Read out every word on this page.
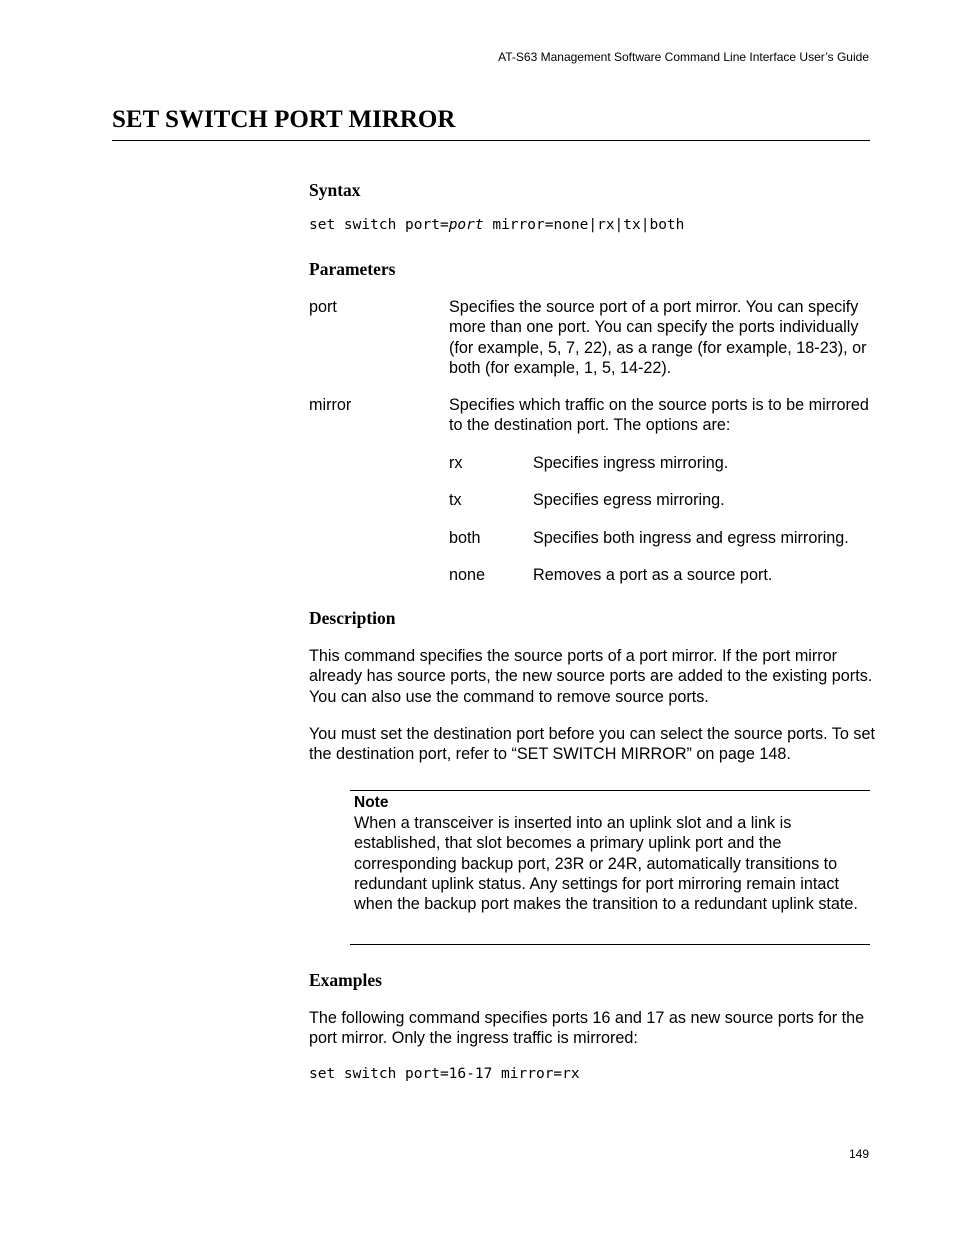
AT-S63 Management Software Command Line Interface User’s Guide
SET SWITCH PORT MIRROR
Syntax
set switch port=port mirror=none|rx|tx|both
Parameters
port	Specifies the source port of a port mirror. You can specify more than one port. You can specify the ports individually (for example, 5, 7, 22), as a range (for example, 18-23), or both (for example, 1, 5, 14-22).
mirror	Specifies which traffic on the source ports is to be mirrored to the destination port. The options are:
rx	Specifies ingress mirroring.
tx	Specifies egress mirroring.
both	Specifies both ingress and egress mirroring.
none	Removes a port as a source port.
Description
This command specifies the source ports of a port mirror. If the port mirror already has source ports, the new source ports are added to the existing ports. You can also use the command to remove source ports.
You must set the destination port before you can select the source ports. To set the destination port, refer to “SET SWITCH MIRROR” on page 148.
Note
When a transceiver is inserted into an uplink slot and a link is established, that slot becomes a primary uplink port and the corresponding backup port, 23R or 24R, automatically transitions to redundant uplink status. Any settings for port mirroring remain intact when the backup port makes the transition to a redundant uplink state.
Examples
The following command specifies ports 16 and 17 as new source ports for the port mirror. Only the ingress traffic is mirrored:
set switch port=16-17 mirror=rx
149
